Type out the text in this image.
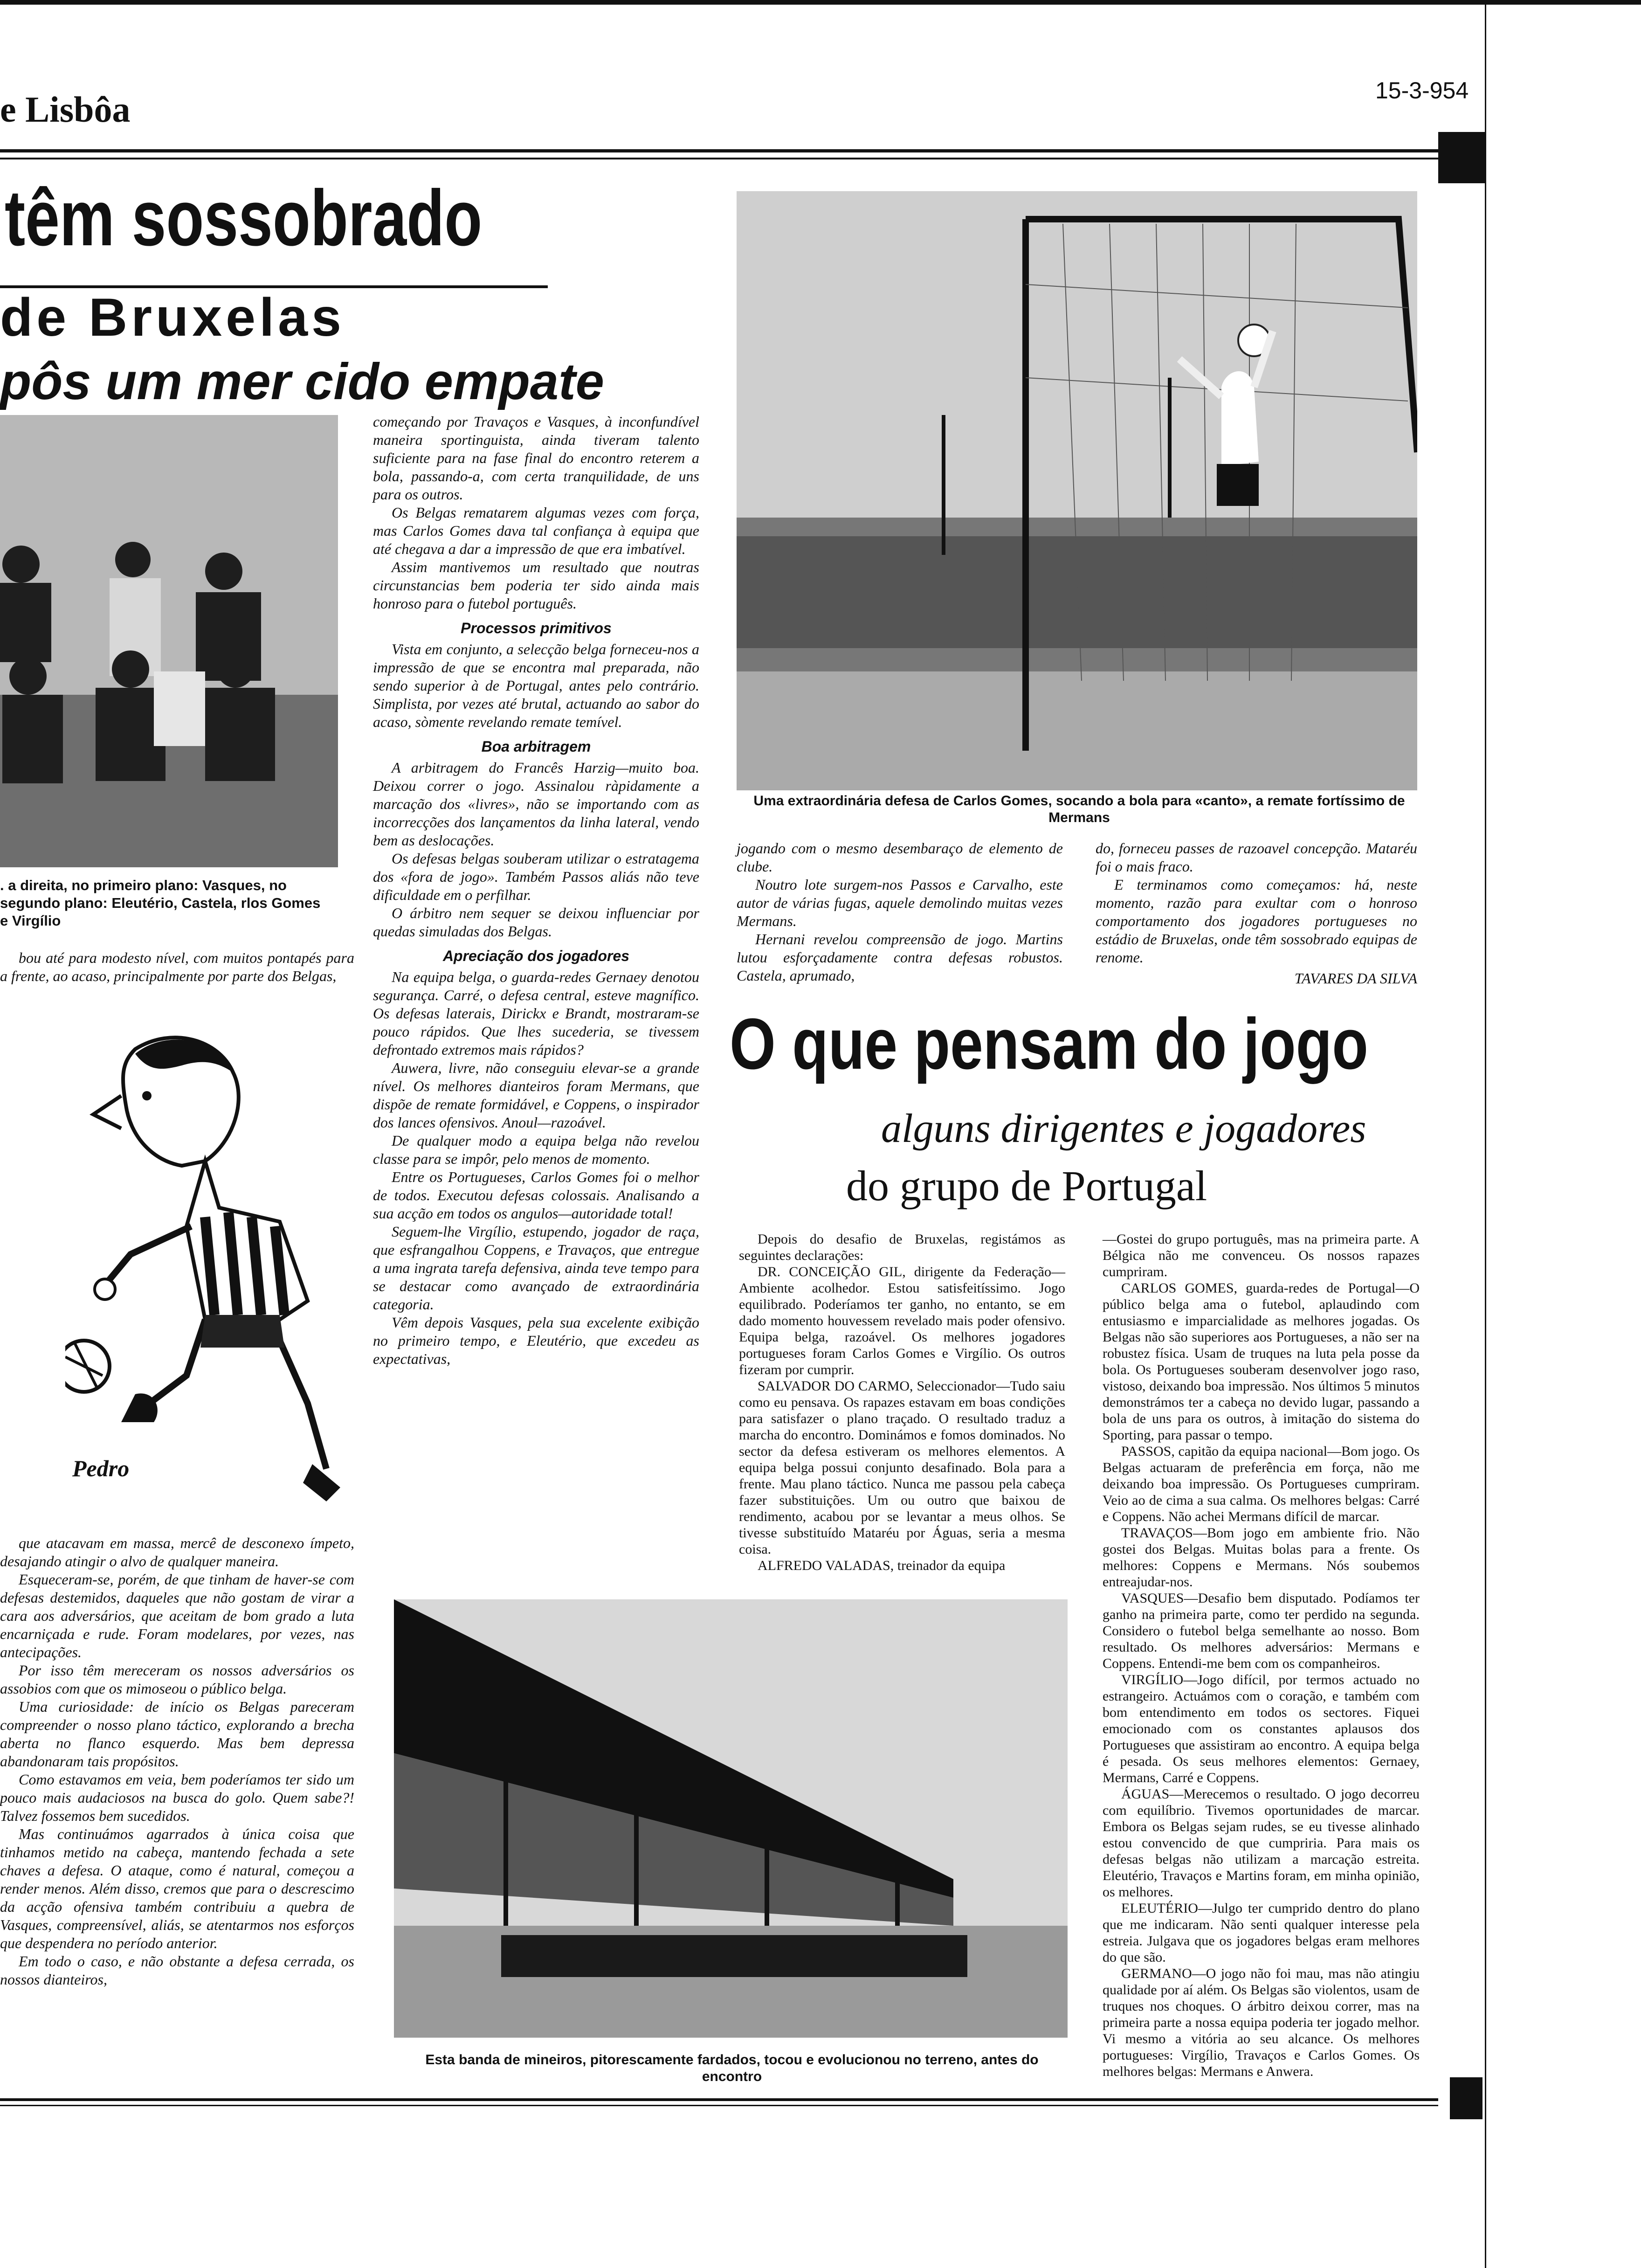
e Lisbôa	15-3-954
têm sossobrado
de Bruxelas
pôs um mer cido empate
. a direita, no primeiro plano: Vasques, no segundo plano: Eleutério, Castela, rlos Gomes e Virgílio

bou até para modesto nível, com muitos pontapés para a frente, ao acaso, principalmente por parte dos Belgas,

Pedro

que atacavam em massa, mercê de desconexo ímpeto, desajando atingir o alvo de qualquer maneira.

Esqueceram-se, porém, de que tinham de haver-se com defesas destemidos, daqueles que não gostam de virar a cara aos adversários, que aceitam de bom grado a luta encarniçada e rude. Foram modelares, por vezes, nas antecipações.

Por isso têm mereceram os nossos adversários os assobios com que os mimoseou o público belga.

Uma curiosidade: de início os Belgas pareceram compreender o nosso plano táctico, explorando a brecha aberta no flanco esquerdo. Mas bem depressa abandonaram tais propósitos.

Como estavamos em veia, bem poderíamos ter sido um pouco mais audaciosos na busca do golo. Quem sabe?! Talvez fossemos bem sucedidos.

Mas continuámos agarrados à única coisa que tinhamos metido na cabeça, mantendo fechada a sete chaves a defesa. O ataque, como é natural, começou a render menos. Além disso, cremos que para o descrescimo da acção ofensiva também contribuiu a quebra de Vasques, compreensível, aliás, se atentarmos nos esforços que despendera no período anterior.

Em todo o caso, e não obstante a defesa cerrada, os nossos dianteiros,

começando por Travaços e Vasques, à inconfundível maneira sportinguista, ainda tiveram talento suficiente para na fase final do encontro reterem a bola, passando-a, com certa tranquilidade, de uns para os outros.

Os Belgas rematarem algumas vezes com força, mas Carlos Gomes dava tal confiança à equipa que até chegava a dar a impressão de que era imbatível.

Assim mantivemos um resultado que noutras circunstancias bem poderia ter sido ainda mais honroso para o futebol português.

Processos primitivos

Vista em conjunto, a selecção belga forneceu-nos a impressão de que se encontra mal preparada, não sendo superior à de Portugal, antes pelo contrário. Simplista, por vezes até brutal, actuando ao sabor do acaso, sòmente revelando remate temível.

Boa arbitragem

A arbitragem do Francês Harzig—muito boa. Deixou correr o jogo. Assinalou ràpidamente a marcação dos «livres», não se importando com as incorrecções dos lançamentos da linha lateral, vendo bem as deslocações.

Os defesas belgas souberam utilizar o estratagema dos «fora de jogo». Também Passos aliás não teve dificuldade em o perfilhar.

O árbitro nem sequer se deixou influenciar por quedas simuladas dos Belgas.

Apreciação dos jogadores

Na equipa belga, o guarda-redes Gernaey denotou segurança. Carré, o defesa central, esteve magnífico. Os defesas laterais, Dirickx e Brandt, mostraram-se pouco rápidos. Que lhes sucederia, se tivessem defrontado extremos mais rápidos?

Auwera, livre, não conseguiu elevar-se a grande nível. Os melhores dianteiros foram Mermans, que dispõe de remate formidável, e Coppens, o inspirador dos lances ofensivos. Anoul—razoável.

De qualquer modo a equipa belga não revelou classe para se impôr, pelo menos de momento.

Entre os Portugueses, Carlos Gomes foi o melhor de todos. Executou defesas colossais. Analisando a sua acção em todos os angulos—autoridade total!

Seguem-lhe Virgílio, estupendo, jogador de raça, que esfrangalhou Coppens, e Travaços, que entregue a uma ingrata tarefa defensiva, ainda teve tempo para se destacar como avançado de extraordinária categoria.

Vêm depois Vasques, pela sua excelente exibição no primeiro tempo, e Eleutério, que excedeu as expectativas,

Uma extraordinária defesa de Carlos Gomes, socando a bola para «canto», a remate fortíssimo de Mermans

jogando com o mesmo desembaraço de elemento de clube.

Noutro lote surgem-nos Passos e Carvalho, este autor de várias fugas, aquele demolindo muitas vezes Mermans.

Hernani revelou compreensão de jogo. Martins lutou esforçadamente contra defesas robustos. Castela, aprumado,

do, forneceu passes de razoavel concepção. Mataréu foi o mais fraco.

E terminamos como começamos: há, neste momento, razão para exultar com o honroso comportamento dos jogadores portugueses no estádio de Bruxelas, onde têm sossobrado equipas de renome.

TAVARES DA SILVA
O que pensam do jogo
alguns dirigentes e jogadores
do grupo de Portugal

Depois do desafio de Bruxelas, registámos as seguintes declarações:

DR. CONCEIÇÃO GIL, dirigente da Federação—Ambiente acolhedor. Estou satisfeitíssimo. Jogo equilibrado. Poderíamos ter ganho, no entanto, se em dado momento houvessem revelado mais poder ofensivo. Equipa belga, razoável. Os melhores jogadores portugueses foram Carlos Gomes e Virgílio. Os outros fizeram por cumprir.

SALVADOR DO CARMO, Seleccionador—Tudo saiu como eu pensava. Os rapazes estavam em boas condições para satisfazer o plano traçado. O resultado traduz a marcha do encontro. Dominámos e fomos dominados. No sector da defesa estiveram os melhores elementos. A equipa belga possui conjunto desafinado. Bola para a frente. Mau plano táctico. Nunca me passou pela cabeça fazer substituições. Um ou outro que baixou de rendimento, acabou por se levantar a meus olhos. Se tivesse substituído Mataréu por Águas, seria a mesma coisa.

ALFREDO VALADAS, treinador da equipa

—Gostei do grupo português, mas na primeira parte. A Bélgica não me convenceu. Os nossos rapazes cumpriram.

CARLOS GOMES, guarda-redes de Portugal—O público belga ama o futebol, aplaudindo com entusiasmo e imparcialidade as melhores jogadas. Os Belgas não são superiores aos Portugueses, a não ser na robustez física. Usam de truques na luta pela posse da bola. Os Portugueses souberam desenvolver jogo raso, vistoso, deixando boa impressão. Nos últimos 5 minutos demonstrámos ter a cabeça no devido lugar, passando a bola de uns para os outros, à imitação do sistema do Sporting, para passar o tempo.

PASSOS, capitão da equipa nacional—Bom jogo. Os Belgas actuaram de preferência em força, não me deixando boa impressão. Os Portugueses cumpriram. Veio ao de cima a sua calma. Os melhores belgas: Carré e Coppens. Não achei Mermans difícil de marcar.

TRAVAÇOS—Bom jogo em ambiente frio. Não gostei dos Belgas. Muitas bolas para a frente. Os melhores: Coppens e Mermans. Nós soubemos entreajudar-nos.

VASQUES—Desafio bem disputado. Podíamos ter ganho na primeira parte, como ter perdido na segunda. Considero o futebol belga semelhante ao nosso. Bom resultado. Os melhores adversários: Mermans e Coppens. Entendi-me bem com os companheiros.

VIRGÍLIO—Jogo difícil, por termos actuado no estrangeiro. Actuámos com o coração, e também com bom entendimento em todos os sectores. Fiquei emocionado com os constantes aplausos dos Portugueses que assistiram ao encontro. A equipa belga é pesada. Os seus melhores elementos: Gernaey, Mermans, Carré e Coppens.

ÁGUAS—Merecemos o resultado. O jogo decorreu com equilíbrio. Tivemos oportunidades de marcar. Embora os Belgas sejam rudes, se eu tivesse alinhado estou convencido de que cumpriria. Para mais os defesas belgas não utilizam a marcação estreita. Eleutério, Travaços e Martins foram, em minha opinião, os melhores.

ELEUTÉRIO—Julgo ter cumprido dentro do plano que me indicaram. Não senti qualquer interesse pela estreia. Julgava que os jogadores belgas eram melhores do que são.

GERMANO—O jogo não foi mau, mas não atingiu qualidade por aí além. Os Belgas são violentos, usam de truques nos choques. O árbitro deixou correr, mas na primeira parte a nossa equipa poderia ter jogado melhor. Vi mesmo a vitória ao seu alcance. Os melhores portugueses: Virgílio, Travaços e Carlos Gomes. Os melhores belgas: Mermans e Anwera.

Esta banda de mineiros, pitorescamente fardados, tocou e evolucionou no terreno, antes do encontro
